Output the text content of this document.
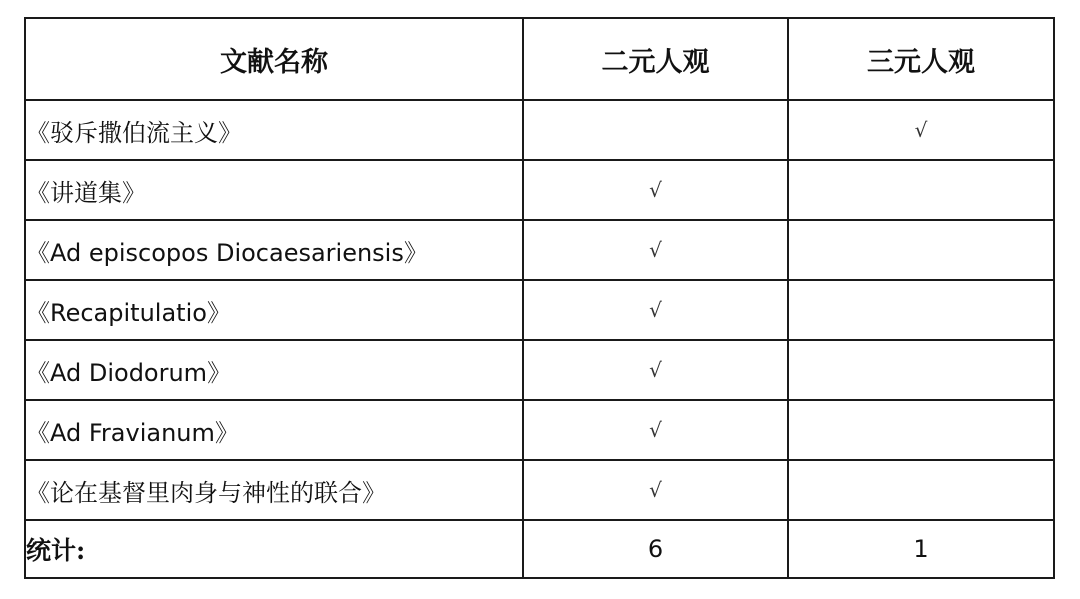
文献名称	二元人观	三元人观
《驳斥撒伯流主义》		√
《讲道集》	√	
《Ad episcopos Diocaesariensis》	√	
《Recapitulatio》	√	
《Ad Diodorum》	√	
《Ad Fravianum》	√	
《论在基督里肉身与神性的联合》	√	
统计:	6	1
